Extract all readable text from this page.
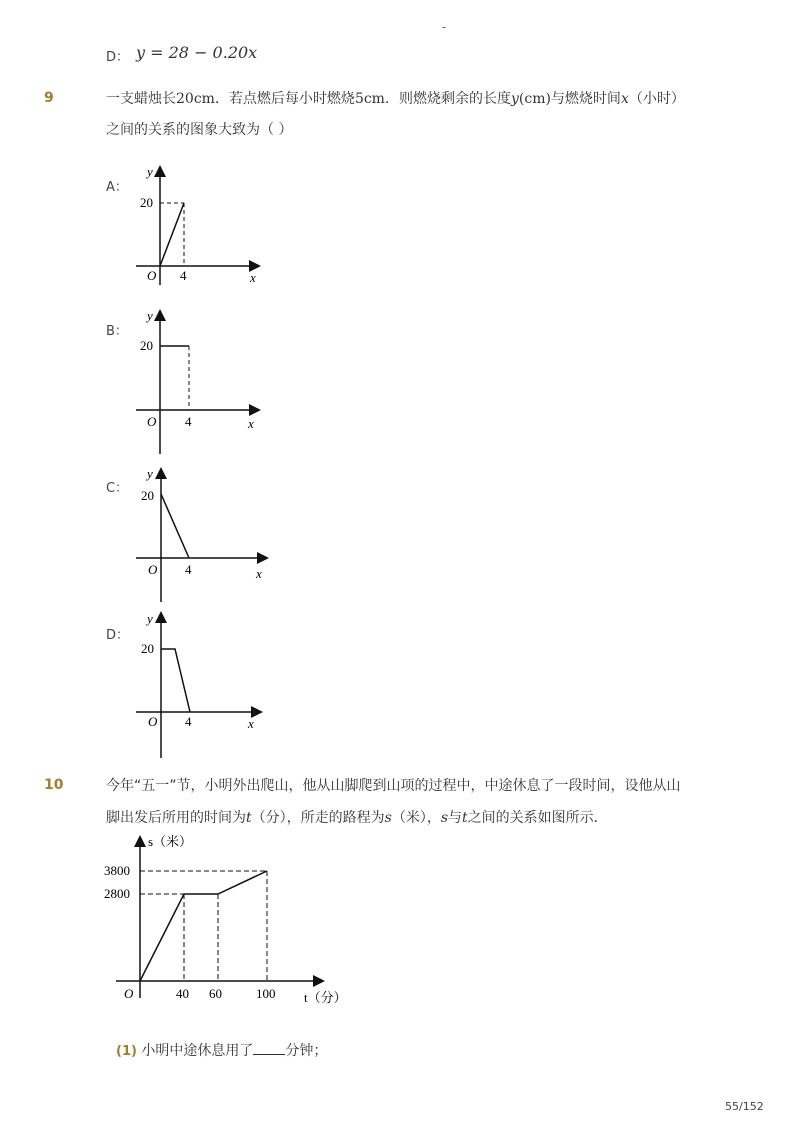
-
D： y = 28 − 0.20x
9	一支蜡烛长20cm．若点燃后每小时燃烧5cm．则燃烧剩余的长度y(cm)与燃烧时间x（小时）
之间的关系的图象大致为（ ）
A：
y
20
O 4	x
B：
y
20
O 4	x
C：
y
20
O 4	x
D：
y
20
O 4	x
10	今年“五一”节，小明外出爬山，他从山脚爬到山项的过程中，中途休息了一段时间，设他从山
脚出发后所用的时间为t（分），所走的路程为s（米），s与t之间的关系如图所示．
s（米）
3800
2800
O	40 60	100 t（分）
(1) 小明中途休息用了 分钟；
55/152
